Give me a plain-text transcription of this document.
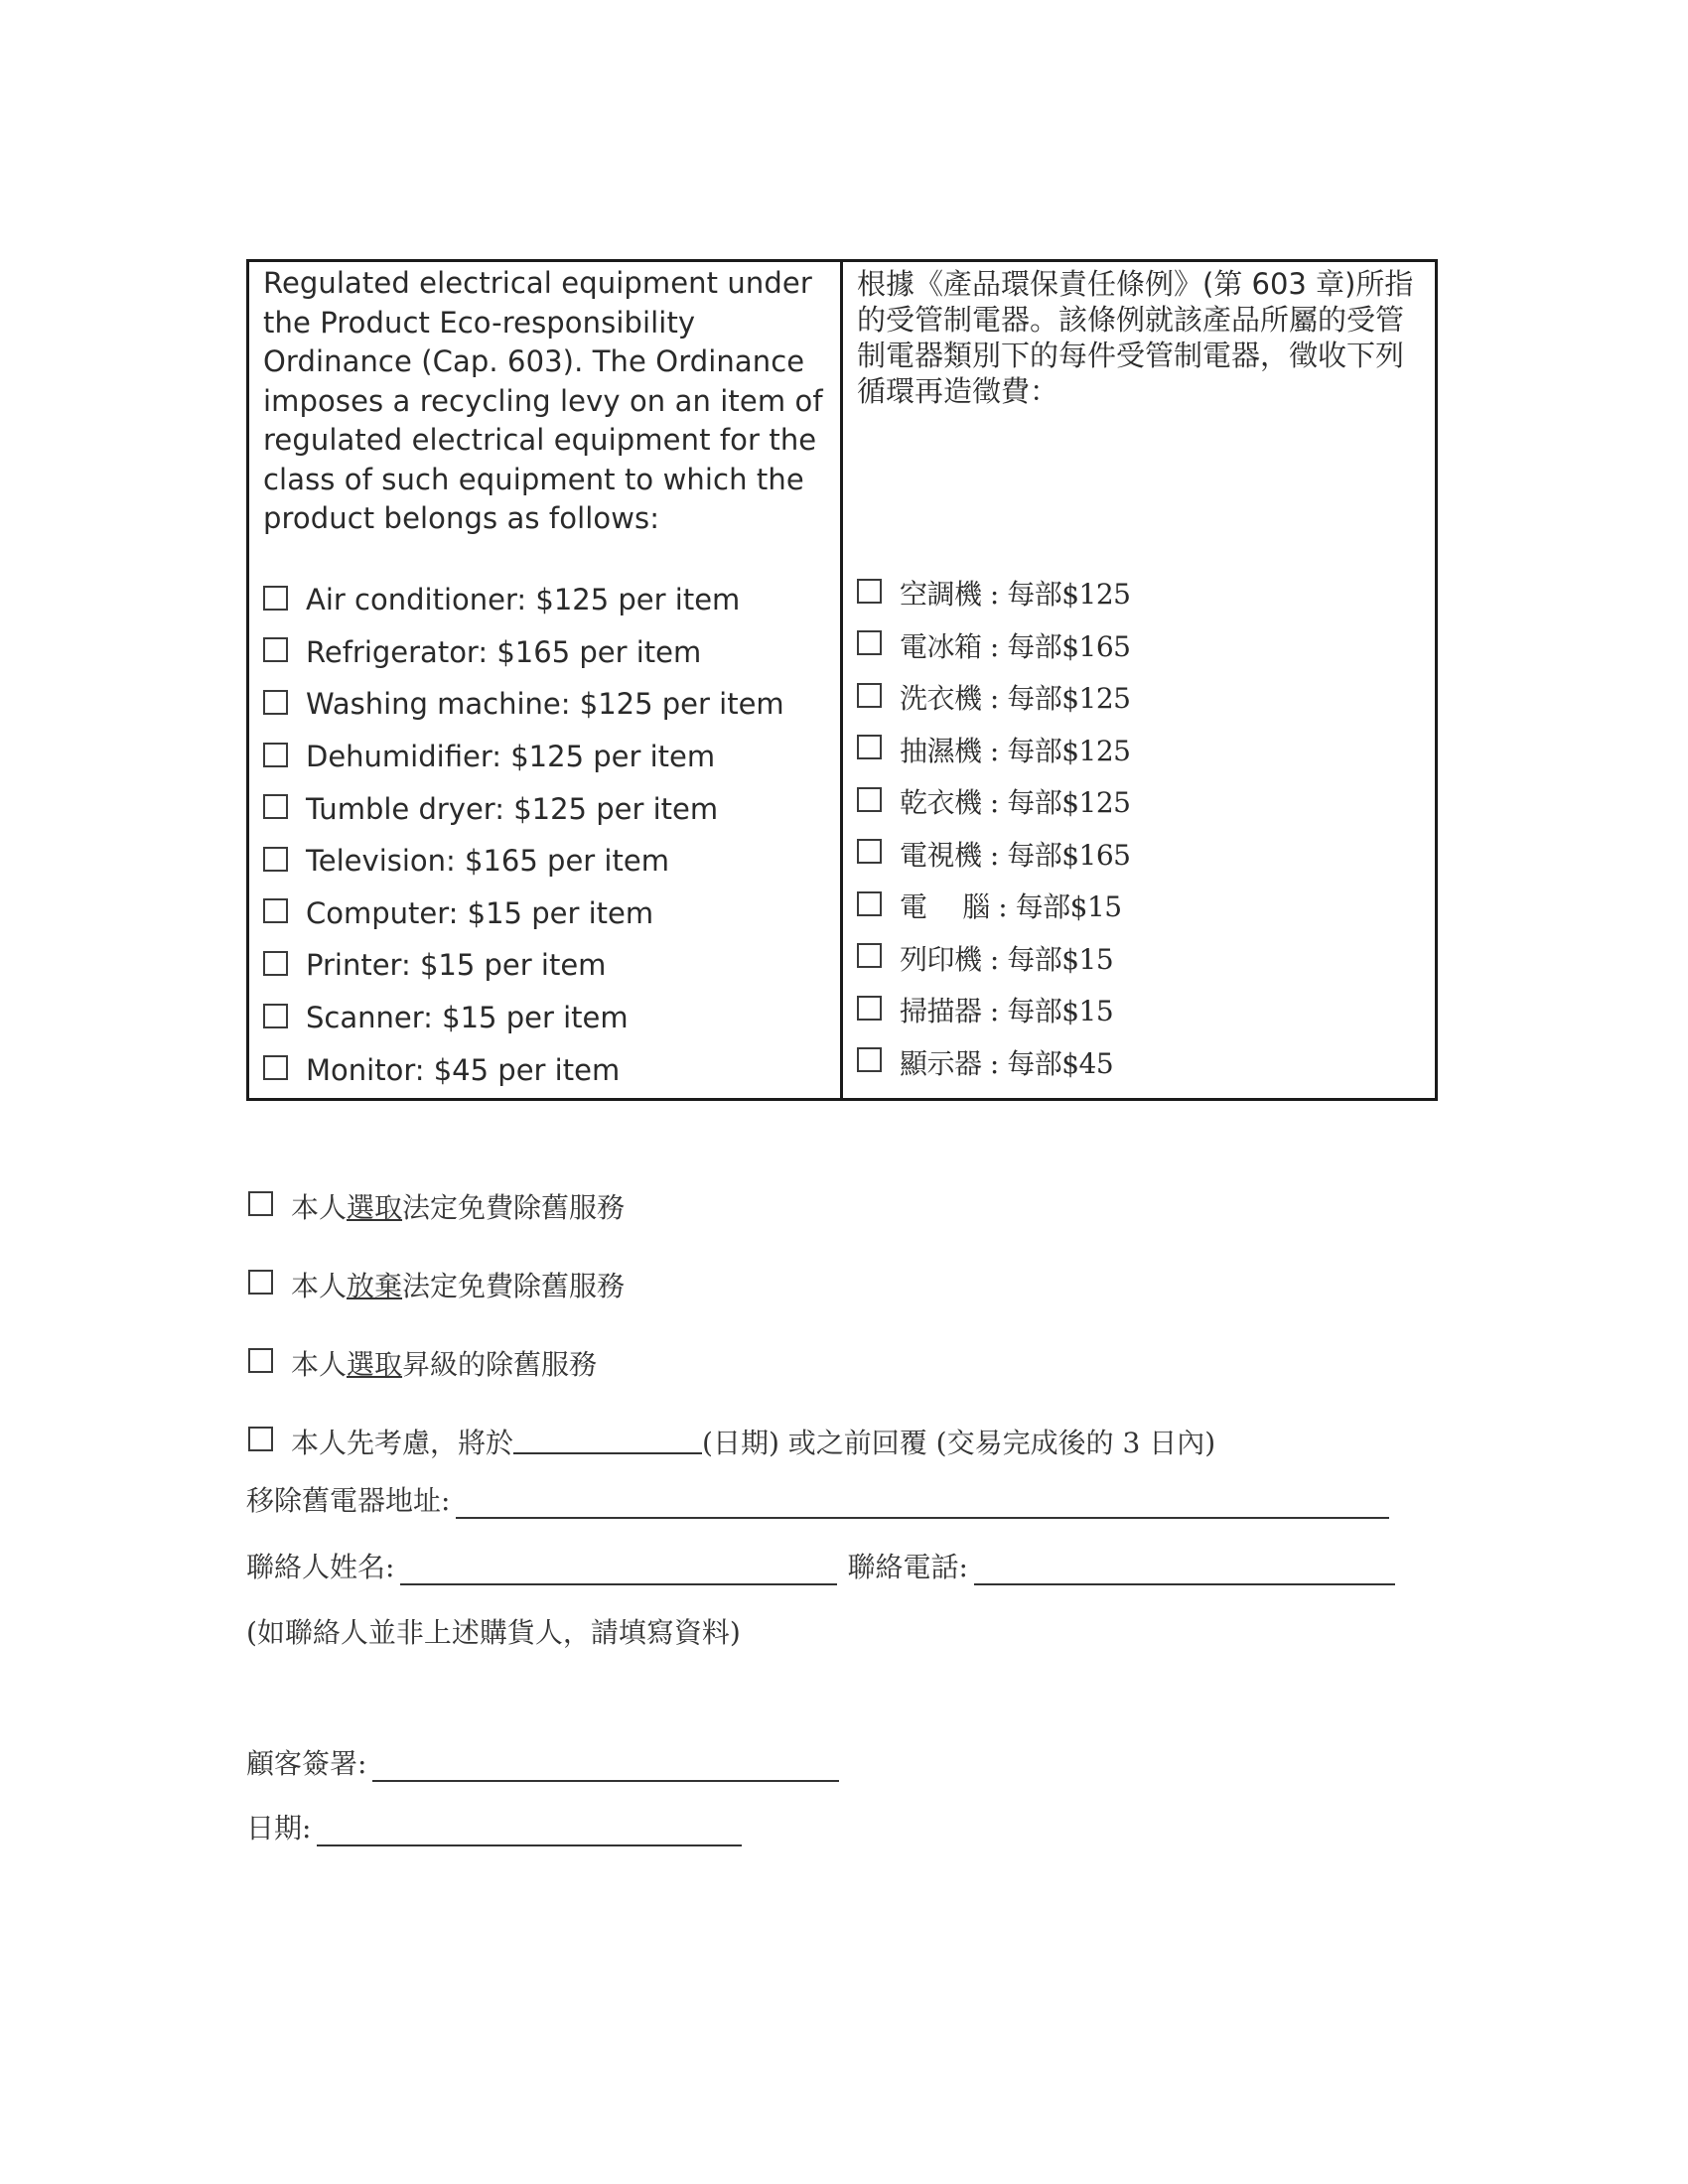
Regulated electrical equipment under the Product Eco-responsibility Ordinance (Cap. 603). The Ordinance imposes a recycling levy on an item of regulated electrical equipment for the class of such equipment to which the product belongs as follows:
Air conditioner: $125 per item
Refrigerator: $165 per item
Washing machine: $125 per item
Dehumidifier: $125 per item
Tumble dryer: $125 per item
Television: $165 per item
Computer: $15 per item
Printer: $15 per item
Scanner: $15 per item
Monitor: $45 per item
根據《產品環保責任條例》(第 603 章)所指的受管制電器。該條例就該產品所屬的受管制電器類別下的每件受管制電器，徵收下列循環再造徵費：
空調機 : 每部$125
電冰箱 : 每部$165
洗衣機 : 每部$125
抽濕機 : 每部$125
乾衣機 : 每部$125
電視機 : 每部$165
電　 腦 : 每部$15
列印機 : 每部$15
掃描器 : 每部$15
顯示器 : 每部$45
本人 選取 法定免費除舊服務
本人 放棄 法定免費除舊服務
本人 選取 昇級的除舊服務
本人先考慮，將於	(日期) 或之前回覆 (交易完成後的 3 日內)
移除舊電器地址:
聯絡人姓名:	聯絡電話:
(如聯絡人並非上述購貨人，請填寫資料)
顧客簽署:
日期:
